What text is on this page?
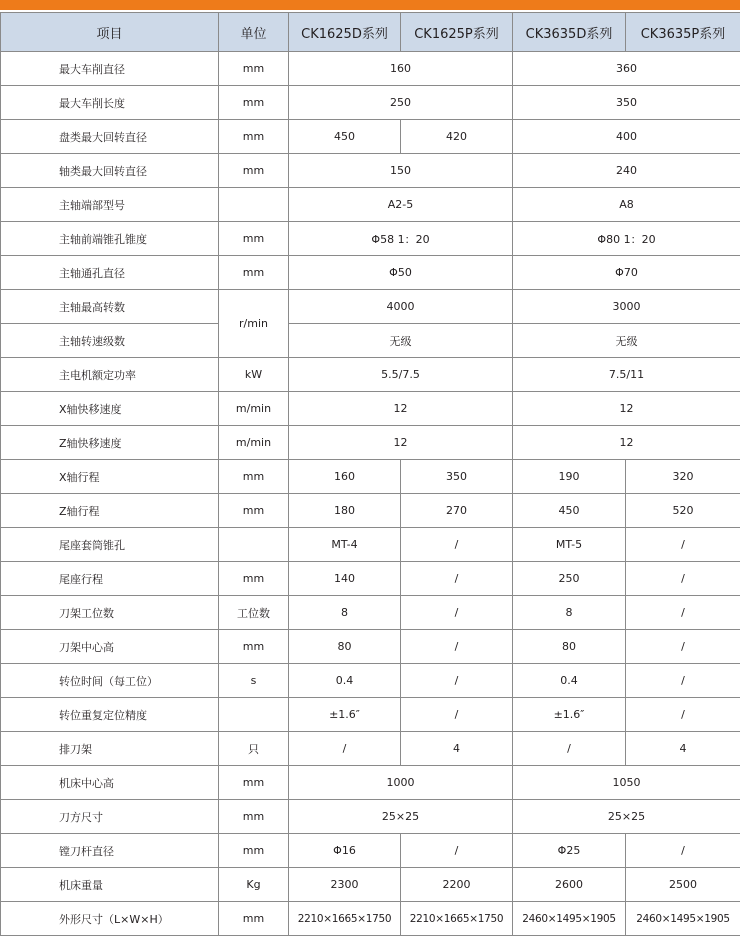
项目	单位	CK1625D系列	CK1625P系列	CK3635D系列	CK3635P系列
最大车削直径	mm	160		360	
最大车削长度	mm	250		350	
盘类最大回转直径	mm	450	420	400	
轴类最大回转直径	mm	150		240	
主轴端部型号		A2-5		A8	
主轴前端锥孔锥度	mm	Φ58 1：20		Φ80 1：20	
主轴通孔直径	mm	Φ50		Φ70	
主轴最高转数	r/min	4000		3000	
主轴转速级数		无级		无级	
主电机额定功率	kW	5.5/7.5		7.5/11	
X轴快移速度	m/min	12		12	
Z轴快移速度	m/min	12		12	
X轴行程	mm	160	350	190	320
Z轴行程	mm	180	270	450	520
尾座套筒锥孔		MT-4	/	MT-5	/
尾座行程	mm	140	/	250	/
刀架工位数	工位数	8	/	8	/
刀架中心高	mm	80	/	80	/
转位时间（每工位）	s	0.4	/	0.4	/
转位重复定位精度		±1.6″	/	±1.6″	/
排刀架	只	/	4	/	4
机床中心高	mm	1000		1050	
刀方尺寸	mm	25×25		25×25	
镗刀杆直径	mm	Φ16	/	Φ25	/
机床重量	Kg	2300	2200	2600	2500
外形尺寸（L×W×H）	mm	2210×1665×1750	2210×1665×1750	2460×1495×1905	2460×1495×1905
